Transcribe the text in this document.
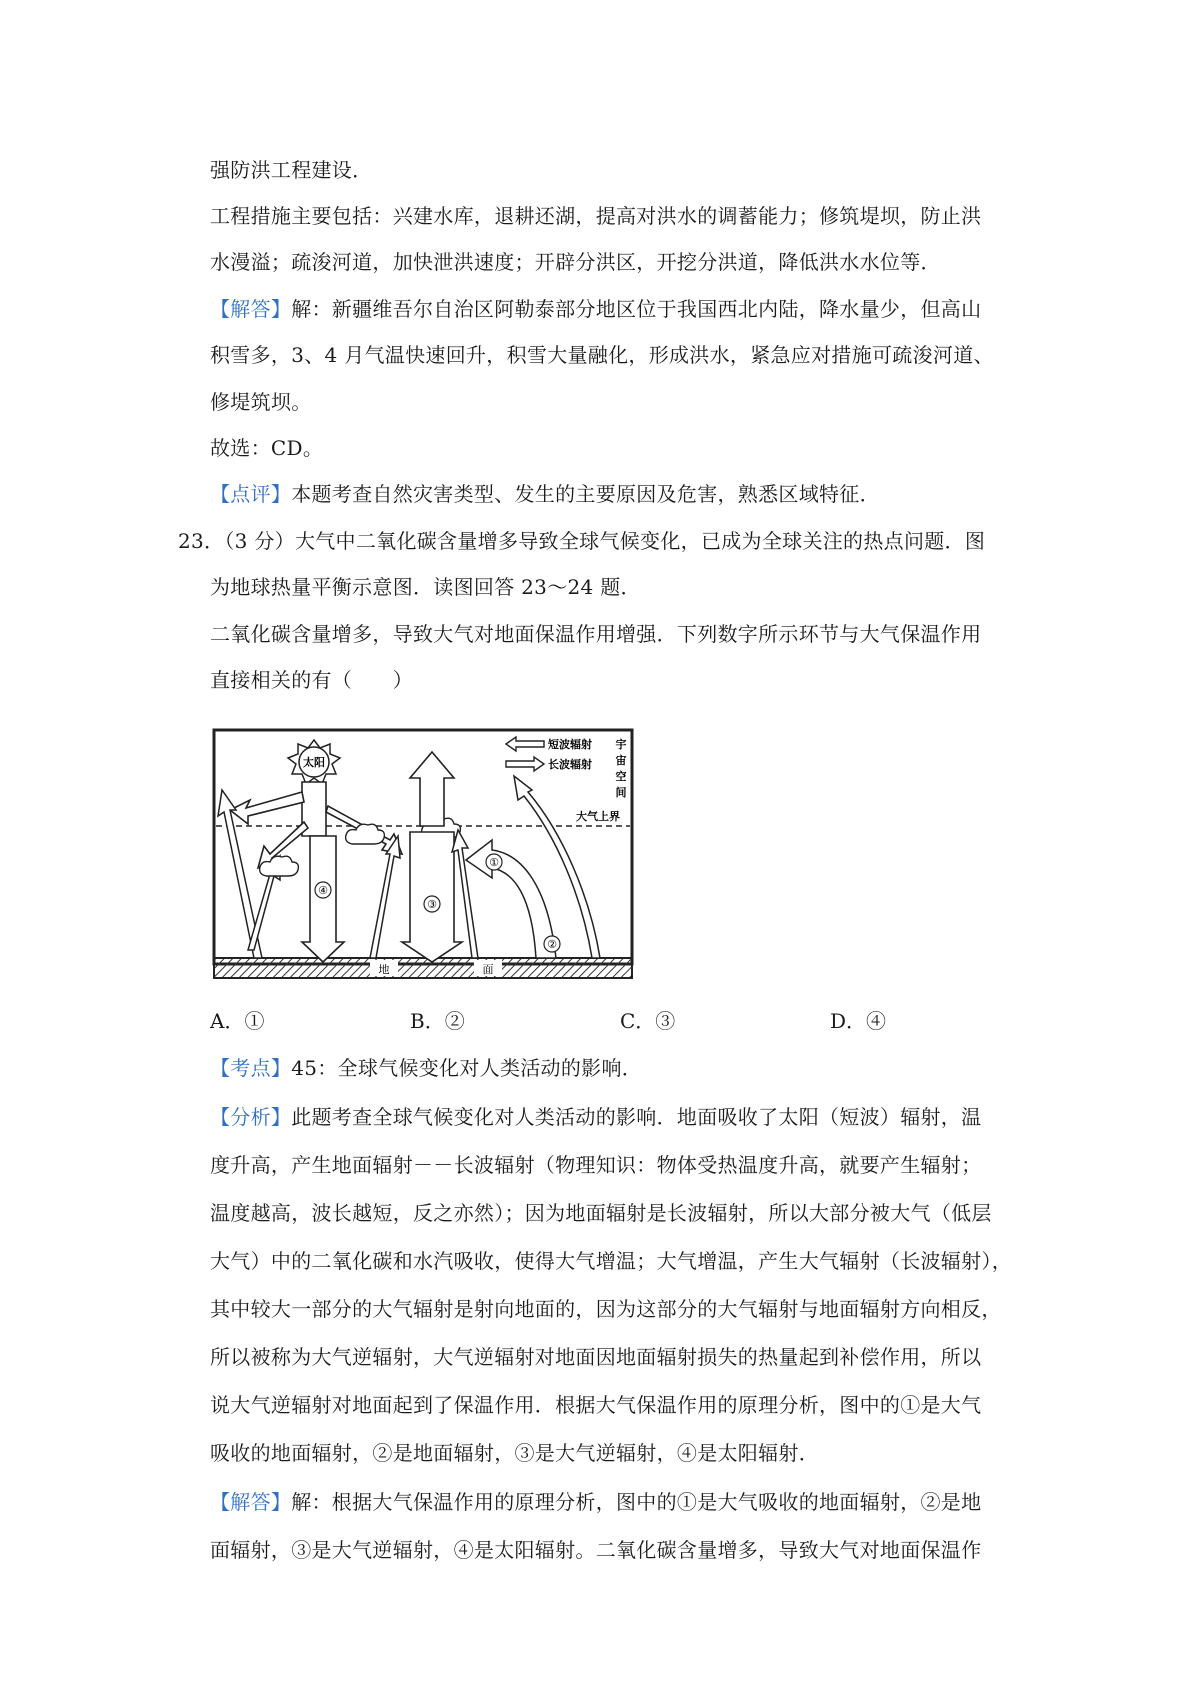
强防洪工程建设．
工程措施主要包括：兴建水库，退耕还湖，提高对洪水的调蓄能力；修筑堤坝，防止洪
水漫溢；疏浚河道，加快泄洪速度；开辟分洪区，开挖分洪道，降低洪水水位等．
【解答】解：新疆维吾尔自治区阿勒泰部分地区位于我国西北内陆，降水量少，但高山
积雪多，3、4 月气温快速回升，积雪大量融化，形成洪水，紧急应对措施可疏浚河道、
修堤筑坝。
故选：CD。
【点评】本题考查自然灾害类型、发生的主要原因及危害，熟悉区域特征．
23．（3 分）大气中二氧化碳含量增多导致全球气候变化，已成为全球关注的热点问题．图
为地球热量平衡示意图．读图回答 23～24 题．
二氧化碳含量增多，导致大气对地面保温作用增强．下列数字所示环节与大气保温作用
直接相关的有（　　）
地	面
大气上界
宇
宙
空
间
短波辐射
长波辐射
太阳
④
③
①
②
A．①	B．②	C．③	D．④
【考点】45：全球气候变化对人类活动的影响．
【分析】此题考查全球气候变化对人类活动的影响．地面吸收了太阳（短波）辐射，温
度升高，产生地面辐射－－长波辐射（物理知识：物体受热温度升高，就要产生辐射；
温度越高，波长越短，反之亦然）；因为地面辐射是长波辐射，所以大部分被大气（低层
大气）中的二氧化碳和水汽吸收，使得大气增温；大气增温，产生大气辐射（长波辐射），
其中较大一部分的大气辐射是射向地面的，因为这部分的大气辐射与地面辐射方向相反，
所以被称为大气逆辐射，大气逆辐射对地面因地面辐射损失的热量起到补偿作用，所以
说大气逆辐射对地面起到了保温作用．根据大气保温作用的原理分析，图中的①是大气
吸收的地面辐射，②是地面辐射，③是大气逆辐射，④是太阳辐射．
【解答】解：根据大气保温作用的原理分析，图中的①是大气吸收的地面辐射，②是地
面辐射，③是大气逆辐射，④是太阳辐射。二氧化碳含量增多，导致大气对地面保温作
